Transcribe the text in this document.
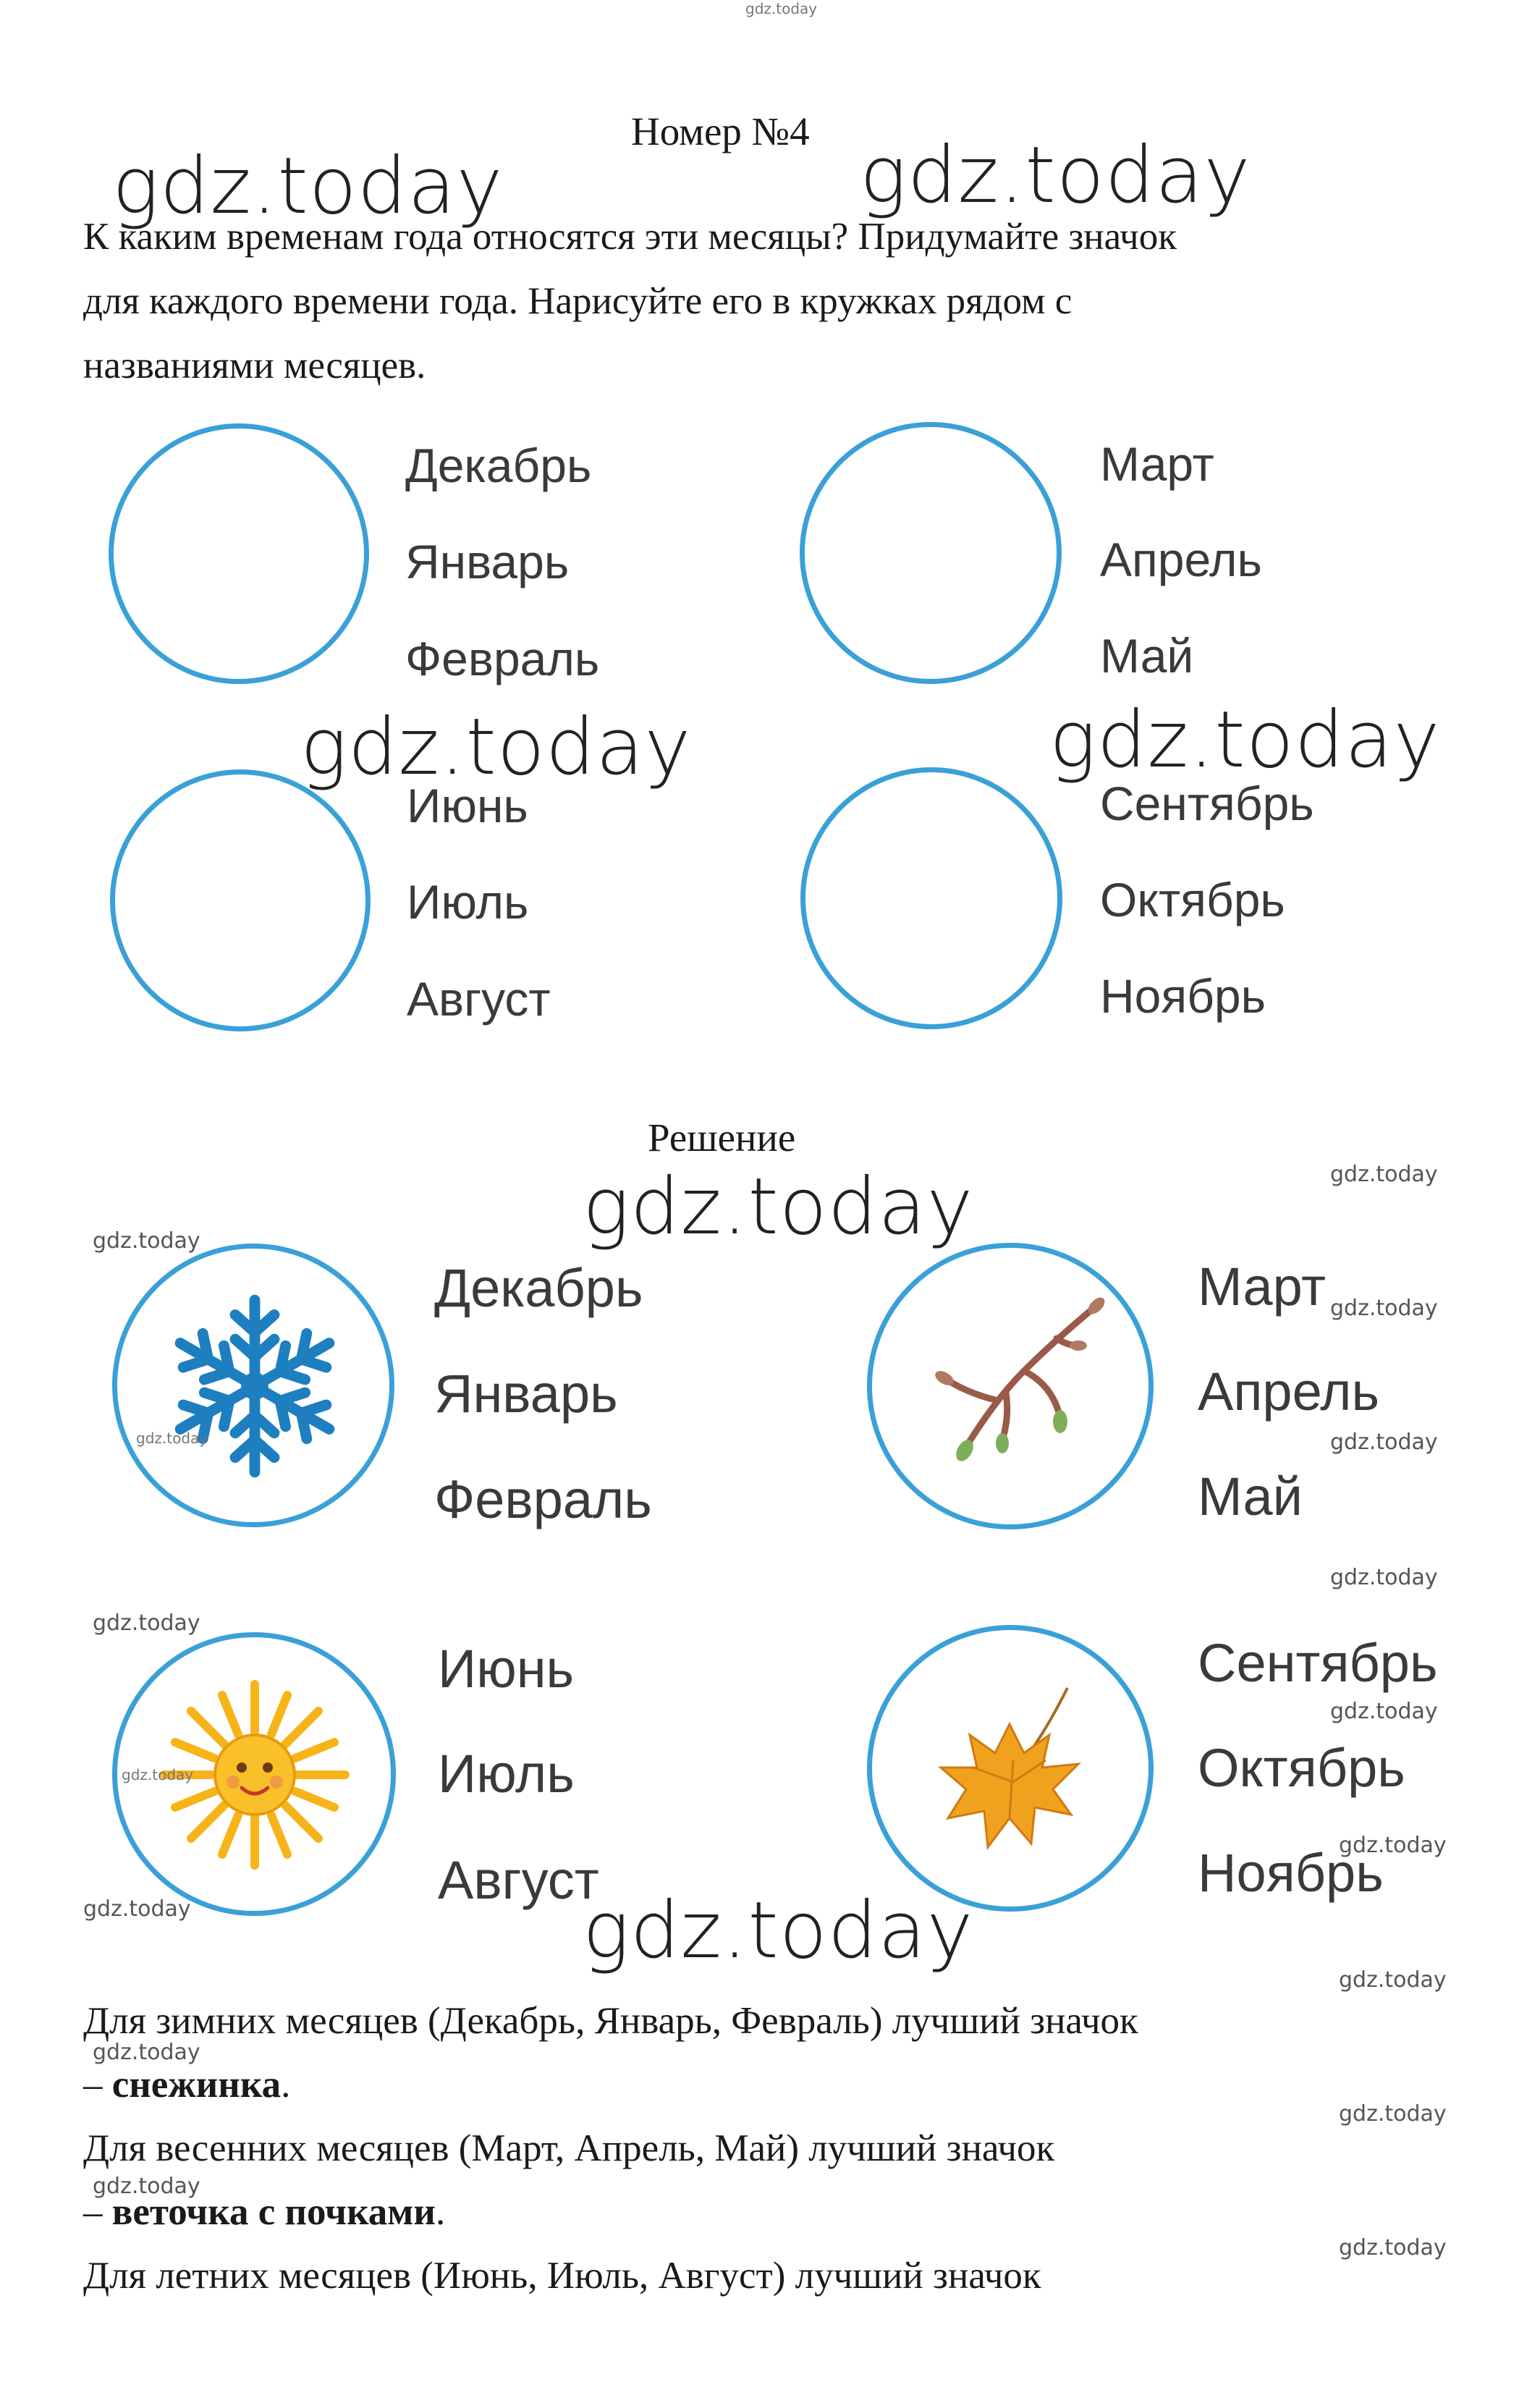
gdz.today
Номер №4
К каким временам года относятся эти месяцы? Придумайте значок
для каждого времени года. Нарисуйте его в кружках рядом с
названиями месяцев.
Декабрь
Январь
Февраль
Март
Апрель
Май
Июнь
Июль
Август
Сентябрь
Октябрь
Ноябрь
Решение
Декабрь
Январь
Февраль
Март
Апрель
Май
Июнь
Июль
Август
Сентябрь
Октябрь
Ноябрь
Для зимних месяцев (Декабрь, Январь, Февраль) лучший значок
– снежинка.
Для весенних месяцев (Март, Апрель, Май) лучший значок
– веточка с почками.
Для летних месяцев (Июнь, Июль, Август) лучший значок
gdz.today	gdz.today
gdz.today	gdz.today
gdz.today
gdz.today
gdz.today
gdz.today
gdz.today
gdz.today
gdz.today
gdz.today
gdz.today
gdz.today
gdz.today
gdz.today
gdz.today
gdz.today
gdz.today
gdz.today
gdz.today
gdz.today
